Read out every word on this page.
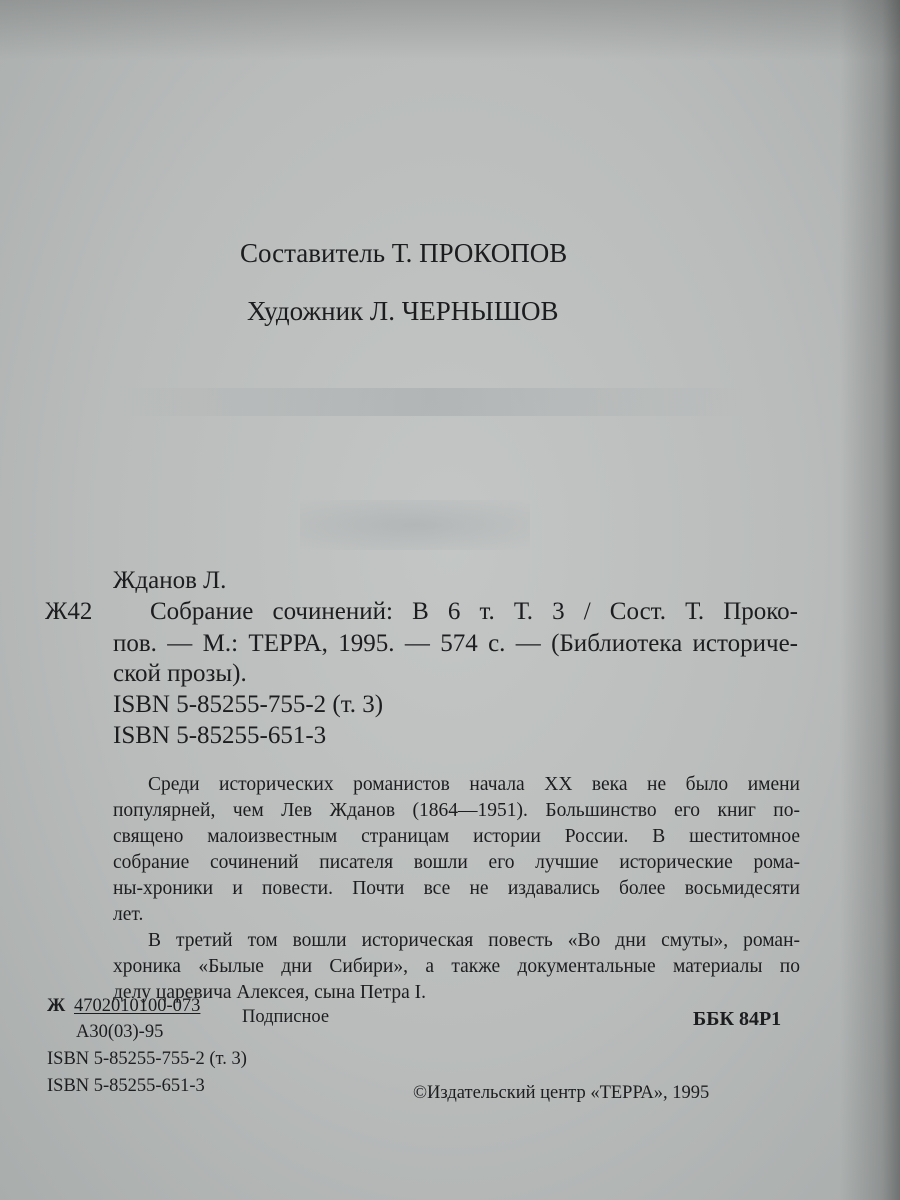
Составитель Т. ПРОКОПОВ
Художник Л. ЧЕРНЫШОВ
Жданов Л.
Ж42 Собрание сочинений: В 6 т. Т. 3 / Сост. Т. Проко-
пов. — М.: ТЕРРА, 1995. — 574 с. — (Библиотека историче-
ской прозы).
ISBN 5-85255-755-2 (т. 3)
ISBN 5-85255-651-3
Среди исторических романистов начала XX века не было имени
популярней, чем Лев Жданов (1864—1951). Большинство его книг по-
священо малоизвестным страницам истории России. В шеститомное
собрание сочинений писателя вошли его лучшие исторические рома-
ны-хроники и повести. Почти все не издавались более восьмидесяти
лет.
В третий том вошли историческая повесть «Во дни смуты», роман-
хроника «Былые дни Сибири», а также документальные материалы по
делу царевича Алексея, сына Петра I.
Ж 4702010100-073
Подписное
А30(03)-95
ББК 84Р1
ISBN 5-85255-755-2 (т. 3)
ISBN 5-85255-651-3	©Издательский центр «ТЕРРА», 1995
